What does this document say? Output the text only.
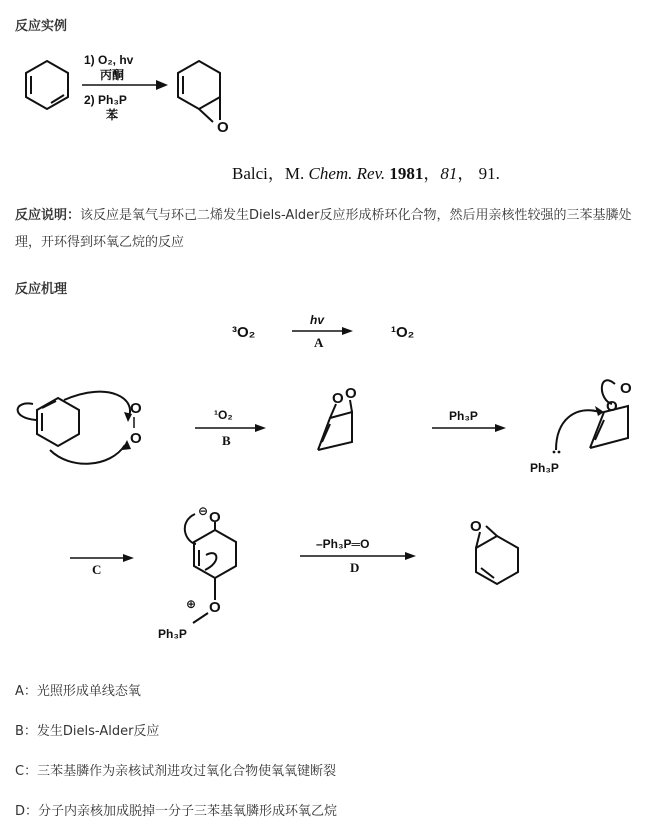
反应实例
1) O₂, hv
丙酮
2) Ph₃P
苯
O
Balci，M. Chem. Rev. 1981，81， 91.
反应说明：该反应是氧气与环己二烯发生Diels-Alder反应形成桥环化合物，然后用亲核性较强的三苯基膦处理，开环得到环氧乙烷的反应
反应机理
³O₂
hv
A
¹O₂
O
O
¹O₂
B
O O
Ph₃P
Ph₃P
O
O
C
O
⊖
O
⊕
Ph₃P
–Ph₃P═O
D
O
A：光照形成单线态氧
B：发生Diels-Alder反应
C：三苯基膦作为亲核试剂进攻过氧化合物使氧氧键断裂
D：分子内亲核加成脱掉一分子三苯基氧膦形成环氧乙烷
